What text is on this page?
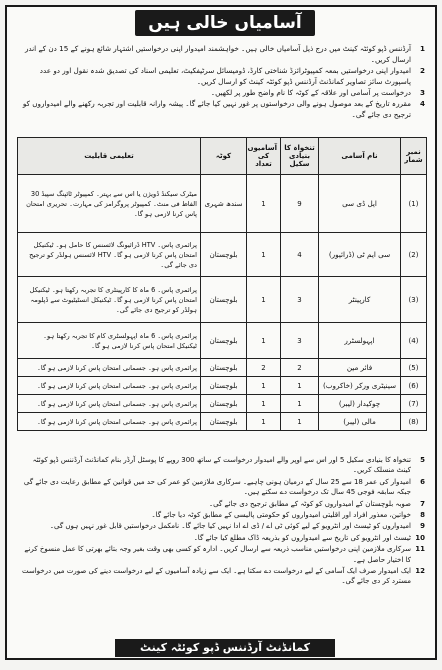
آسامیاں خالی ہیں
1
آرڈننس ڈپو کوئٹہ کینٹ میں درج ذیل آسامیاں خالی ہیں۔ خواہشمند امیدوار اپنی درخواستیں اشتہار شائع ہونے کے 15 دن کے اندر ارسال کریں۔
2
امیدوار اپنی درخواستیں بمعہ کمپیوٹرائزڈ شناختی کارڈ، ڈومیسائل سرٹیفکیٹ، تعلیمی اسناد کی تصدیق شدہ نقول اور دو عدد پاسپورٹ سائز تصاویر کمانڈنٹ آرڈننس ڈپو کوئٹہ کینٹ کو ارسال کریں۔
3
درخواست پر آسامی اور علاقہ کے کوٹہ کا نام واضح طور پر لکھیں۔
4
مقررہ تاریخ کے بعد موصول ہونے والی درخواستوں پر غور نہیں کیا جائے گا۔ پیشہ وارانہ قابلیت اور تجربہ رکھنے والے امیدواروں کو ترجیح دی جائے گی۔
نمبر شمار	نام آسامی	تنخواہ کا بنیادی سکیل	آسامیوں کی تعداد	کوٹہ	تعلیمی قابلیت
(1)	ایل ڈی سی	9	1	سندھ شہری	میٹرک سیکنڈ ڈویژن یا اس سے بہتر۔ کمپیوٹر ٹائپنگ سپیڈ 30 الفاظ فی منٹ۔ کمپیوٹر پروگرامز کی مہارت۔ تحریری امتحان پاس کرنا لازمی ہو گا۔
(2)	سی ایم ٹی (ڈرائیور)	4	1	بلوچستان	پرائمری پاس۔ HTV ڈرائیونگ لائسنس کا حامل ہو۔ ٹیکنیکل امتحان پاس کرنا لازمی ہو گا۔ HTV لائسنس ہولڈر کو ترجیح دی جائے گی۔
(3)	کارپینٹر	3	1	بلوچستان	پرائمری پاس۔ 6 ماہ کا کارپینٹری کا تجربہ رکھتا ہو۔ ٹیکنیکل امتحان پاس کرنا لازمی ہو گا۔ ٹیکنیکل انسٹیٹیوٹ سے ڈپلومہ ہولڈر کو ترجیح دی جائے گی۔
(4)	اپہولسٹرر	3	1	بلوچستان	پرائمری پاس۔ 6 ماہ اپہولسٹری کام کا تجربہ رکھتا ہو۔ ٹیکنیکل امتحان پاس کرنا لازمی ہو گا۔
(5)	فائر مین	2	2	بلوچستان	پرائمری پاس ہو۔ جسمانی امتحان پاس کرنا لازمی ہو گا۔
(6)	سینیٹری ورکر (خاکروب)	1	1	بلوچستان	پرائمری پاس ہو۔ جسمانی امتحان پاس کرنا لازمی ہو گا۔
(7)	چوکیدار (لیبر)	1	1	بلوچستان	پرائمری پاس ہو۔ جسمانی امتحان پاس کرنا لازمی ہو گا۔
(8)	مالی (لیبر)	1	1	بلوچستان	پرائمری پاس ہو۔ جسمانی امتحان پاس کرنا لازمی ہو گا۔
5
تنخواہ کا بنیادی سکیل 5 اور اس سے اوپر والے امیدوار درخواست کے ساتھ 300 روپے کا پوسٹل آرڈر بنام کمانڈنٹ آرڈننس ڈپو کوئٹہ کینٹ منسلک کریں۔
6
امیدوار کی عمر 18 سے 25 سال کے درمیان ہونی چاہیے۔ سرکاری ملازمین کو عمر کی حد میں قوانین کے مطابق رعایت دی جائے گی جبکہ سابقہ فوجی 45 سال تک درخواست دے سکتے ہیں۔
7
صوبہ بلوچستان کے امیدواروں کو کوٹہ کے مطابق ترجیح دی جائے گی۔
8
خواتین، معذور افراد اور اقلیتی امیدواروں کو حکومتی پالیسی کے مطابق کوٹہ دیا جائے گا۔
9
امیدواروں کو ٹیسٹ اور انٹرویو کے لیے کوئی ٹی اے / ڈی اے ادا نہیں کیا جائے گا۔ نامکمل درخواستیں قابل غور نہیں ہوں گی۔
10
ٹیسٹ اور انٹرویو کی تاریخ سے امیدواروں کو بذریعہ ڈاک مطلع کیا جائے گا۔
11
سرکاری ملازمین اپنی درخواستیں مناسب ذریعہ سے ارسال کریں۔ ادارہ کو کسی بھی وقت بغیر وجہ بتائے بھرتی کا عمل منسوخ کرنے کا اختیار حاصل ہے۔
12
ایک امیدوار صرف ایک آسامی کے لیے درخواست دے سکتا ہے۔ ایک سے زیادہ آسامیوں کے لیے درخواست دینے کی صورت میں درخواست مسترد کر دی جائے گی۔
کمانڈنٹ آرڈننس ڈپو کوئٹہ کینٹ
